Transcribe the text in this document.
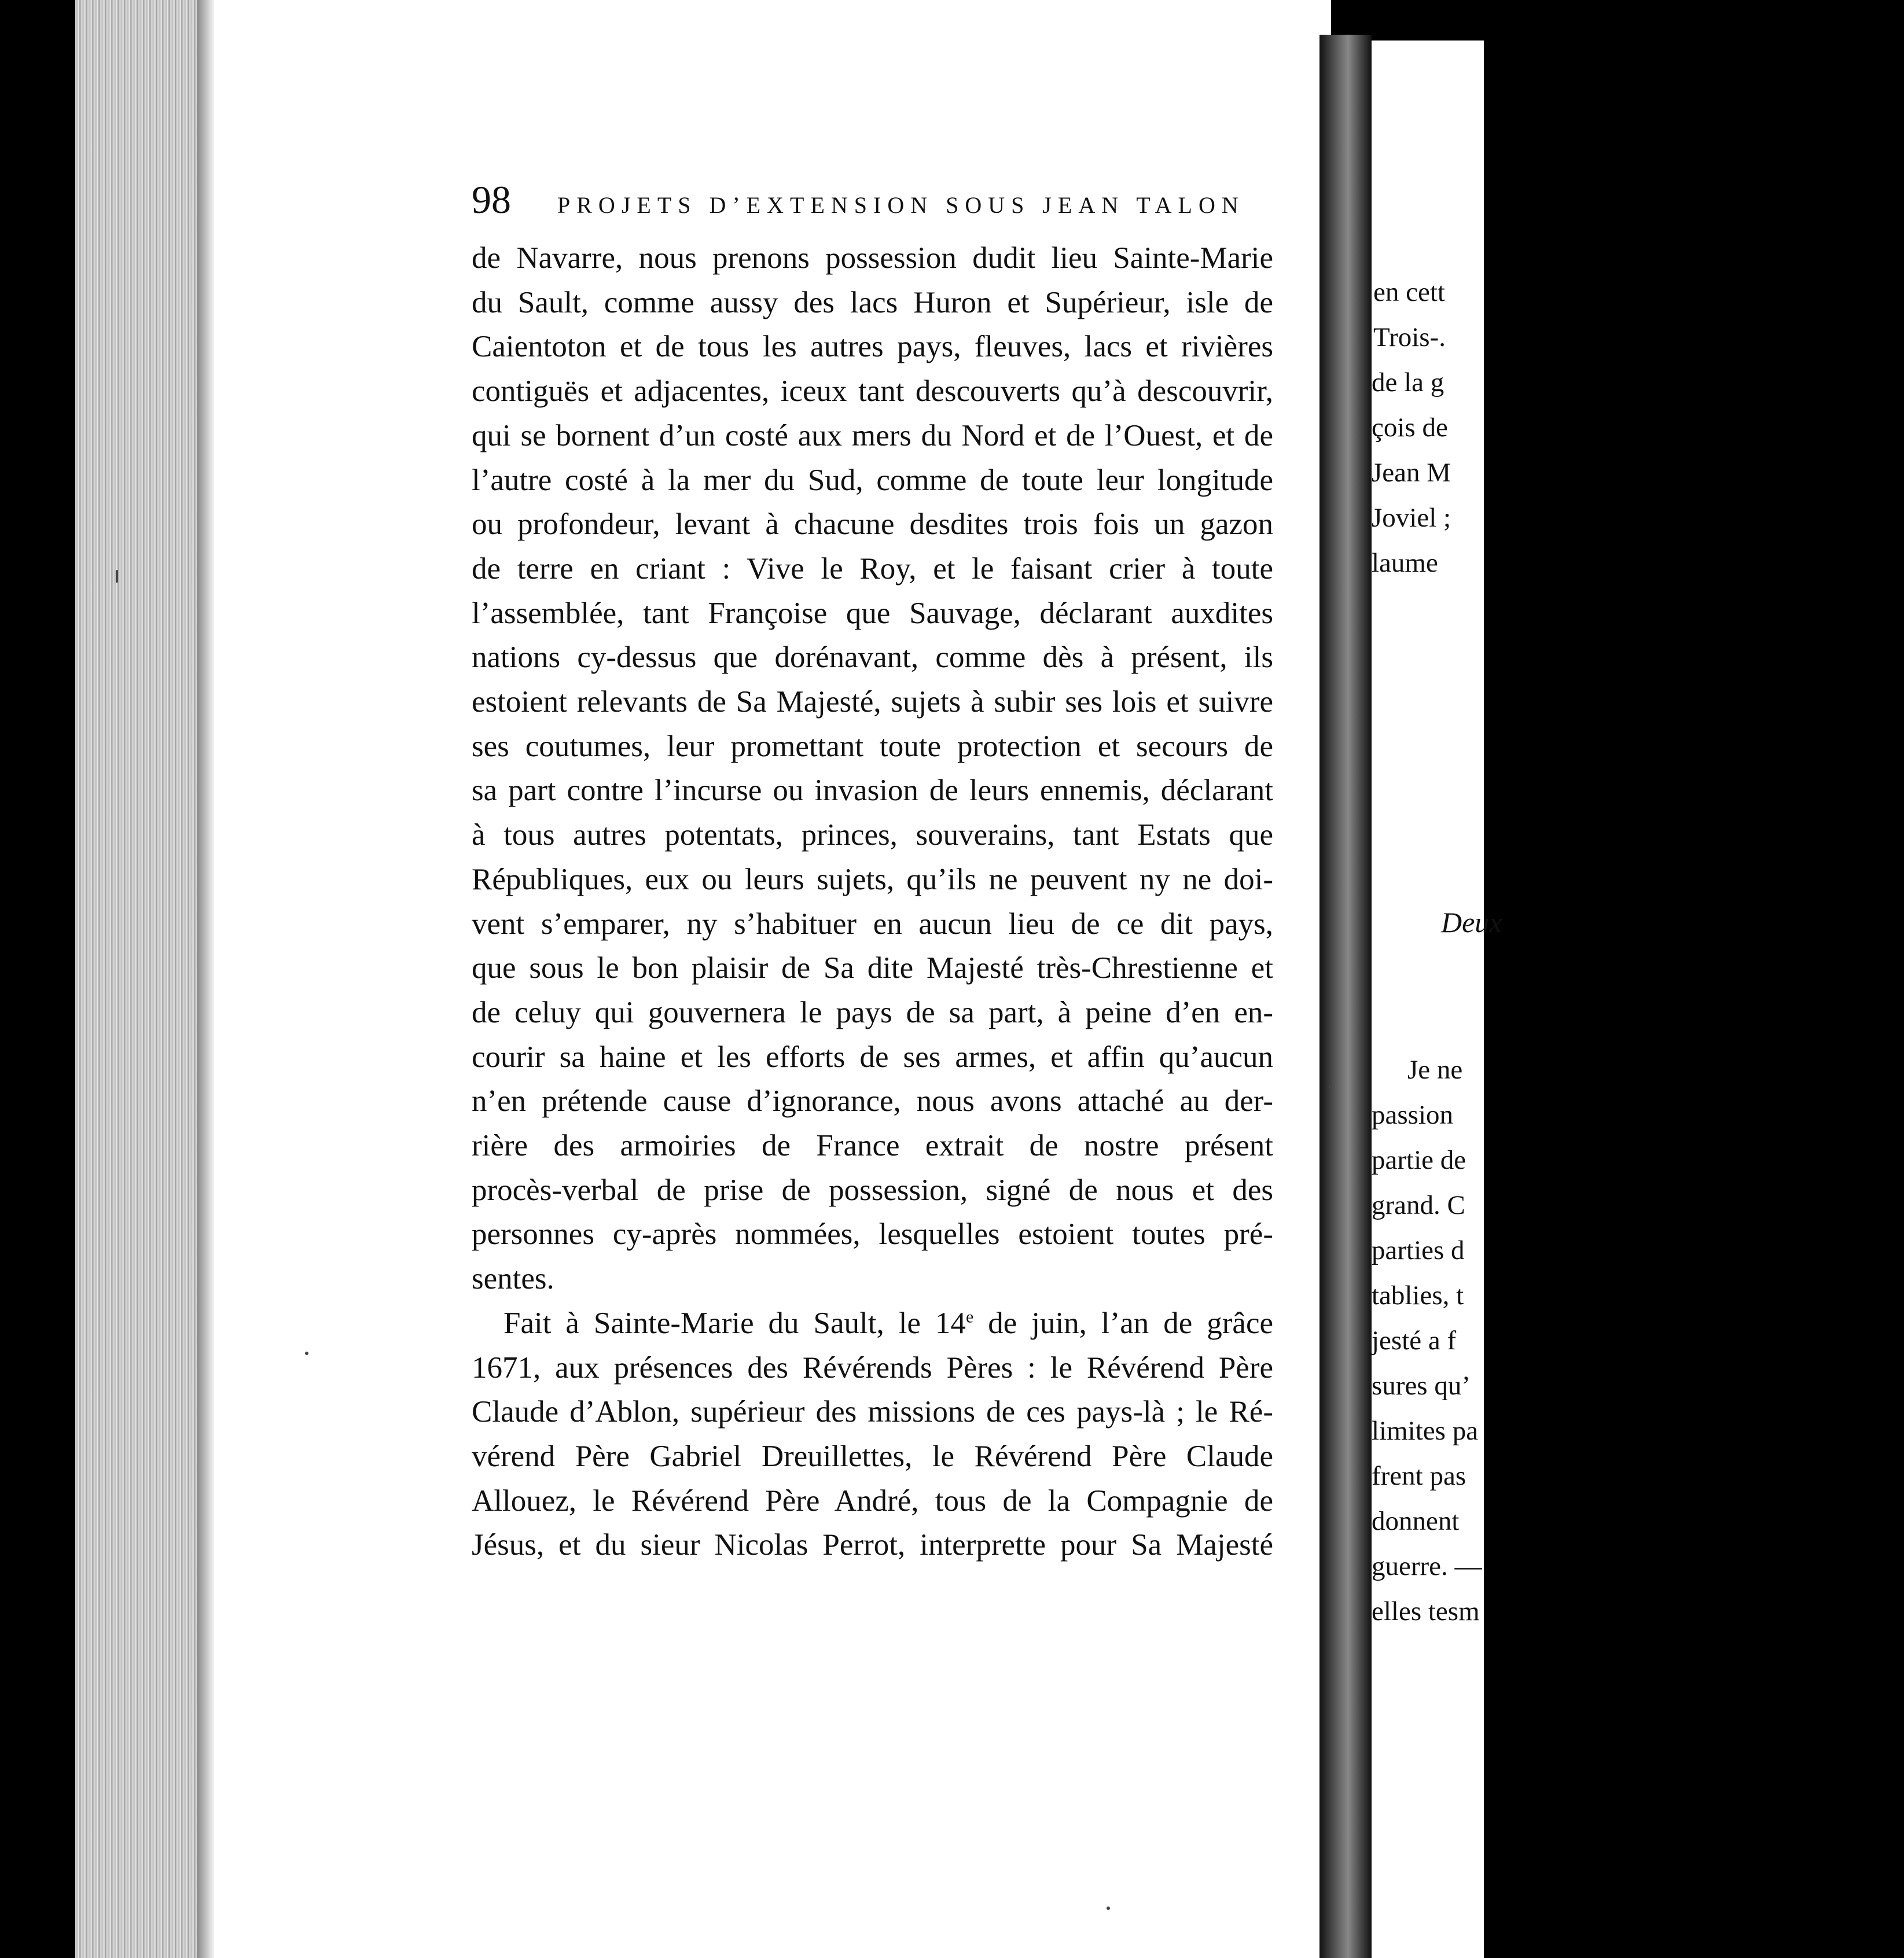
98 PROJETS D’EXTENSION SOUS JEAN TALON
de Navarre, nous prenons possession dudit lieu Sainte-Marie
du Sault, comme aussy des lacs Huron et Supérieur, isle de
Caientoton et de tous les autres pays, fleuves, lacs et rivières
contiguës et adjacentes, iceux tant descouverts qu’à descouvrir,
qui se bornent d’un costé aux mers du Nord et de l’Ouest, et de
l’autre costé à la mer du Sud, comme de toute leur longitude
ou profondeur, levant à chacune desdites trois fois un gazon
de terre en criant : Vive le Roy, et le faisant crier à toute
l’assemblée, tant Françoise que Sauvage, déclarant auxdites
nations cy-dessus que dorénavant, comme dès à présent, ils
estoient relevants de Sa Majesté, sujets à subir ses lois et suivre
ses coutumes, leur promettant toute protection et secours de
sa part contre l’incurse ou invasion de leurs ennemis, déclarant
à tous autres potentats, princes, souverains, tant Estats que
Républiques, eux ou leurs sujets, qu’ils ne peuvent ny ne doi-
vent s’emparer, ny s’habituer en aucun lieu de ce dit pays,
que sous le bon plaisir de Sa dite Majesté très-Chrestienne et
de celuy qui gouvernera le pays de sa part, à peine d’en en-
courir sa haine et les efforts de ses armes, et affin qu’aucun
n’en prétende cause d’ignorance, nous avons attaché au der-
rière des armoiries de France extrait de nostre présent
procès-verbal de prise de possession, signé de nous et des
personnes cy-après nommées, lesquelles estoient toutes pré-
sentes.
Fait à Sainte-Marie du Sault, le 14e de juin, l’an de grâce
1671, aux présences des Révérends Pères : le Révérend Père
Claude d’Ablon, supérieur des missions de ces pays-là ; le Ré-
vérend Père Gabriel Dreuillettes, le Révérend Père Claude
Allouez, le Révérend Père André, tous de la Compagnie de
Jésus, et du sieur Nicolas Perrot, interprette pour Sa Majesté
en cett
Trois-.
de la g
çois de
Jean M
Joviel ;
laume
Deux
Je ne
passion
partie de
grand. C
parties d
tablies, t
jesté a f
sures qu’
limites pa
frent pas
donnent
guerre. —
elles tesm
